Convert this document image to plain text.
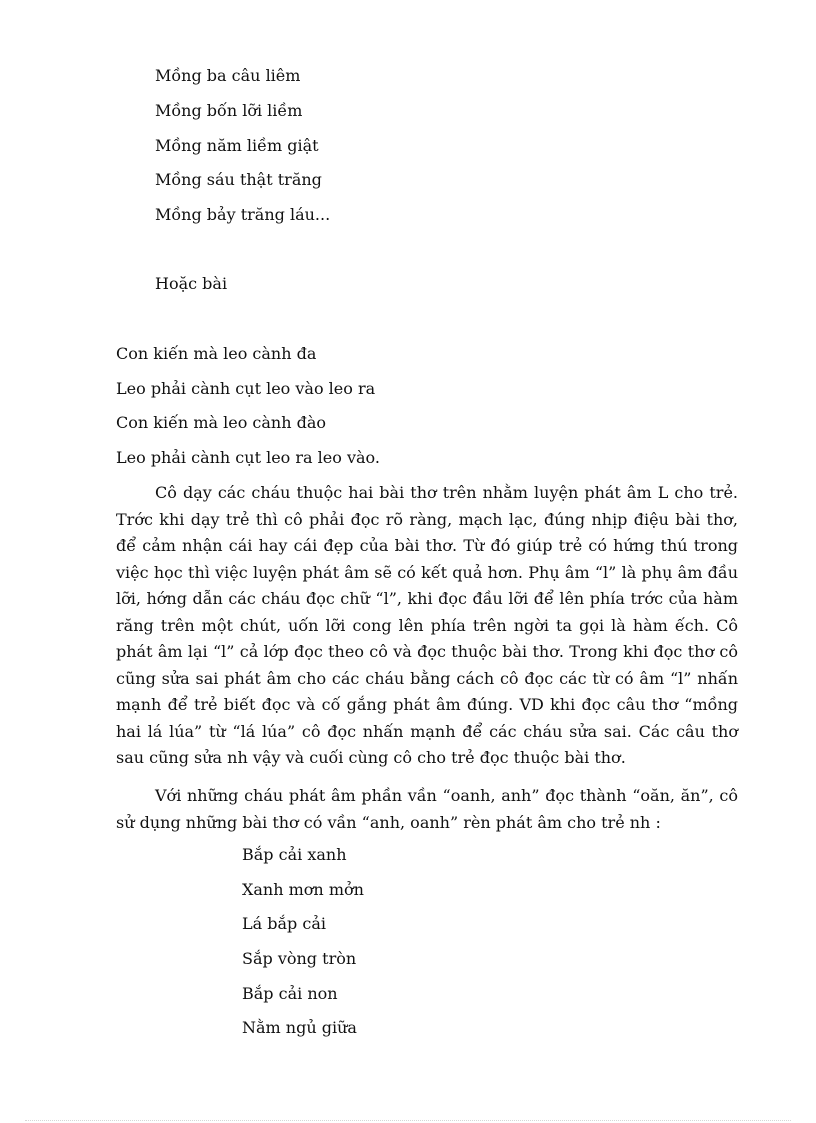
Mồng ba câu liêm
Mồng bốn lỡi liềm
Mồng năm liềm giật
Mồng sáu thật trăng
Mồng bảy trăng láu...
Hoặc bài
Con kiến mà leo cành đa
Leo phải cành cụt leo vào leo ra
Con kiến mà leo cành đào
Leo phải cành cụt leo ra leo vào.

Cô dạy các cháu thuộc hai bài thơ trên nhằm luyện phát âm L cho trẻ. Trớc khi dạy trẻ thì cô phải đọc rõ ràng, mạch lạc, đúng nhịp điệu bài thơ, để cảm nhận cái hay cái đẹp của bài thơ. Từ đó giúp trẻ có hứng thú trong việc học thì việc luyện phát âm sẽ có kết quả hơn. Phụ âm “l” là phụ âm đầu lỡi, hớng dẫn các cháu đọc chữ “l”, khi đọc đầu lỡi để lên phía trớc của hàm răng trên một chút, uốn lỡi cong lên phía trên ngời ta gọi là hàm ếch. Cô phát âm lại “l” cả lớp đọc theo cô và đọc thuộc bài thơ. Trong khi đọc thơ cô cũng sửa sai phát âm cho các cháu bằng cách cô đọc các từ có âm “l” nhấn mạnh để trẻ biết đọc và cố gắng phát âm đúng. VD khi đọc câu thơ “mồng hai lá lúa” từ “lá lúa” cô đọc nhấn mạnh để các cháu sửa sai. Các câu thơ sau cũng sửa nh vậy và cuối cùng cô cho trẻ đọc thuộc bài thơ.

Với những cháu phát âm phần vần “oanh, anh” đọc thành “oăn, ăn”, cô sử dụng những bài thơ có vần “anh, oanh” rèn phát âm cho trẻ nh :

Bắp cải xanh
Xanh mơn mởn
Lá bắp cải
Sắp vòng tròn
Bắp cải non
Nằm ngủ giữa
